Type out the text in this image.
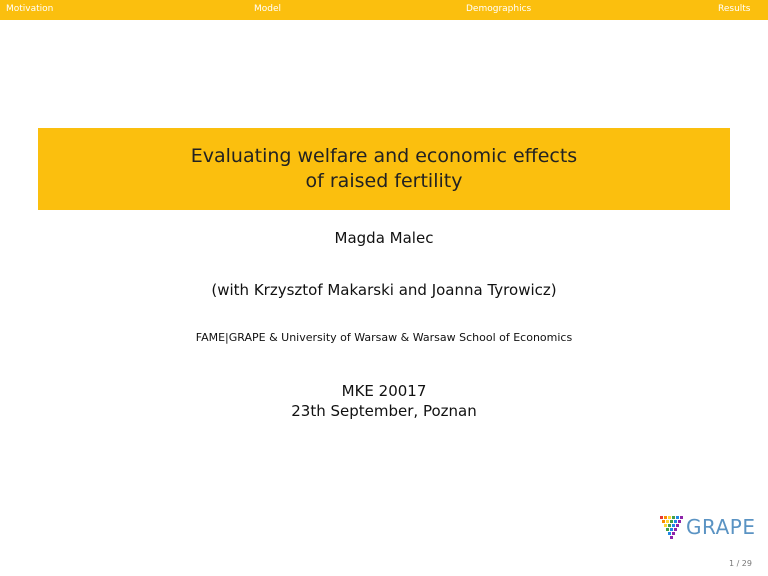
Motivation	Model	Demographics	Results
Evaluating welfare and economic effects
of raised fertility
Magda Malec
(with Krzysztof Makarski and Joanna Tyrowicz)
FAME|GRAPE & University of Warsaw & Warsaw School of Economics
MKE 20017
23th September, Poznan
GRAPE
1 / 29
